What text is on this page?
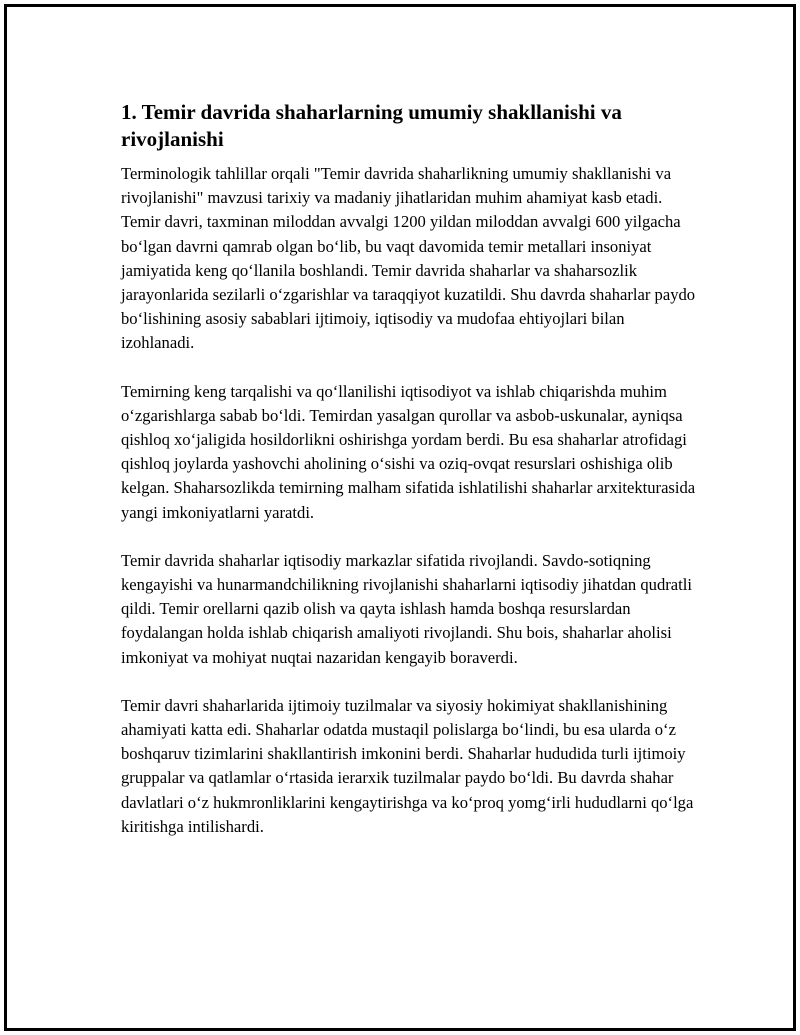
1. Temir davrida shaharlarning umumiy shakllanishi va rivojlanishi

Terminologik tahlillar orqali "Temir davrida shaharlikning umumiy shakllanishi va rivojlanishi" mavzusi tarixiy va madaniy jihatlaridan muhim ahamiyat kasb etadi. Temir davri, taxminan miloddan avvalgi 1200 yildan miloddan avvalgi 600 yilgacha bo‘lgan davrni qamrab olgan bo‘lib, bu vaqt davomida temir metallari insoniyat jamiyatida keng qo‘llanila boshlandi. Temir davrida shaharlar va shaharsozlik jarayonlarida sezilarli o‘zgarishlar va taraqqiyot kuzatildi. Shu davrda shaharlar paydo bo‘lishining asosiy sabablari ijtimoiy, iqtisodiy va mudofaa ehtiyojlari bilan izohlanadi.

Temirning keng tarqalishi va qo‘llanilishi iqtisodiyot va ishlab chiqarishda muhim o‘zgarishlarga sabab bo‘ldi. Temirdan yasalgan qurollar va asbob-uskunalar, ayniqsa qishloq xo‘jaligida hosildorlikni oshirishga yordam berdi. Bu esa shaharlar atrofidagi qishloq joylarda yashovchi aholining o‘sishi va oziq-ovqat resurslari oshishiga olib kelgan. Shaharsozlikda temirning malham sifatida ishlatilishi shaharlar arxitekturasida yangi imkoniyatlarni yaratdi.

Temir davrida shaharlar iqtisodiy markazlar sifatida rivojlandi. Savdo-sotiqning kengayishi va hunarmandchilikning rivojlanishi shaharlarni iqtisodiy jihatdan qudratli qildi. Temir orellarni qazib olish va qayta ishlash hamda boshqa resurslardan foydalangan holda ishlab chiqarish amaliyoti rivojlandi. Shu bois, shaharlar aholisi imkoniyat va mohiyat nuqtai nazaridan kengayib boraverdi.

Temir davri shaharlarida ijtimoiy tuzilmalar va siyosiy hokimiyat shakllanishining ahamiyati katta edi. Shaharlar odatda mustaqil polislarga bo‘lindi, bu esa ularda o‘z boshqaruv tizimlarini shakllantirish imkonini berdi. Shaharlar hududida turli ijtimoiy gruppalar va qatlamlar o‘rtasida ierarxik tuzilmalar paydo bo‘ldi. Bu davrda shahar davlatlari o‘z hukmronliklarini kengaytirishga va ko‘proq yomg‘irli hududlarni qo‘lga kiritishga intilishardi.
